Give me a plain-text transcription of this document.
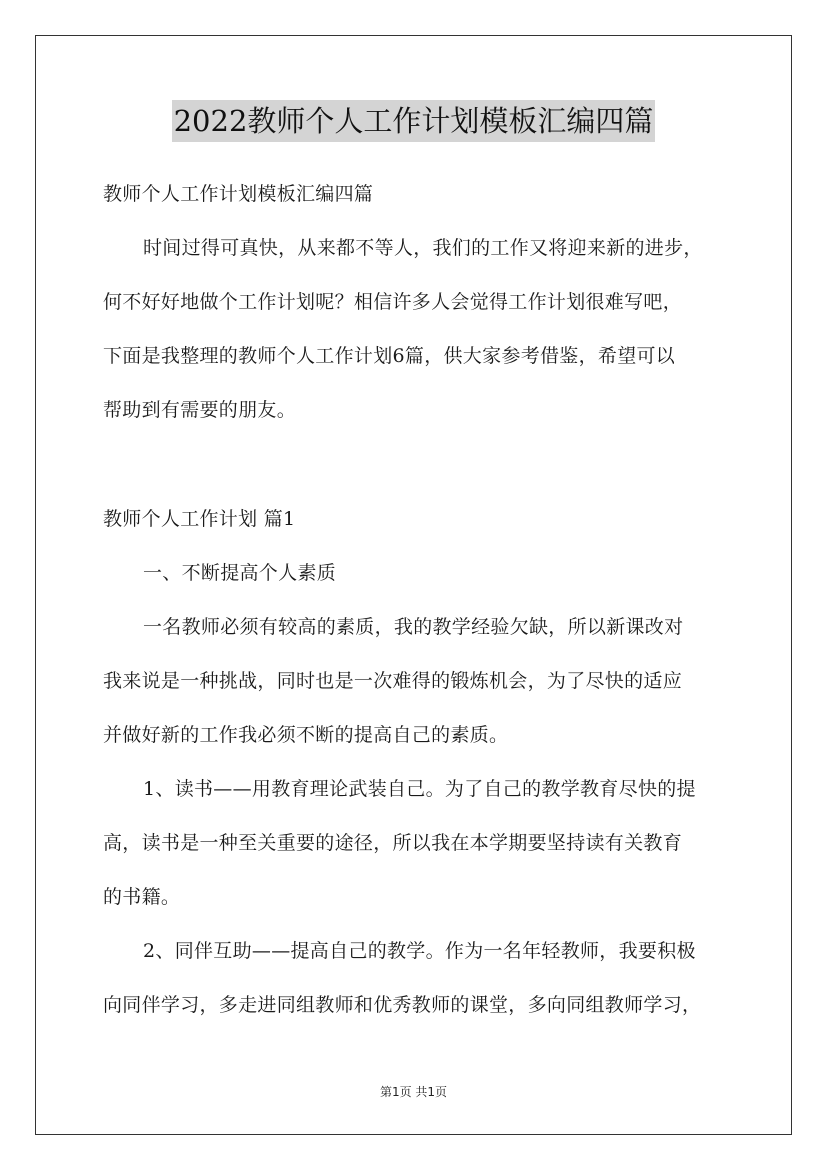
2022教师个人工作计划模板汇编四篇
教师个人工作计划模板汇编四篇
时间过得可真快，从来都不等人，我们的工作又将迎来新的进步，
何不好好地做个工作计划呢？相信许多人会觉得工作计划很难写吧，
下面是我整理的教师个人工作计划6篇，供大家参考借鉴，希望可以
帮助到有需要的朋友。
教师个人工作计划 篇1
一、不断提高个人素质
一名教师必须有较高的素质，我的教学经验欠缺，所以新课改对
我来说是一种挑战，同时也是一次难得的锻炼机会，为了尽快的适应
并做好新的工作我必须不断的提高自己的素质。
1、读书——用教育理论武装自己。为了自己的教学教育尽快的提
高，读书是一种至关重要的途径，所以我在本学期要坚持读有关教育
的书籍。
2、同伴互助——提高自己的教学。作为一名年轻教师，我要积极
向同伴学习，多走进同组教师和优秀教师的课堂，多向同组教师学习，
第1页 共1页
